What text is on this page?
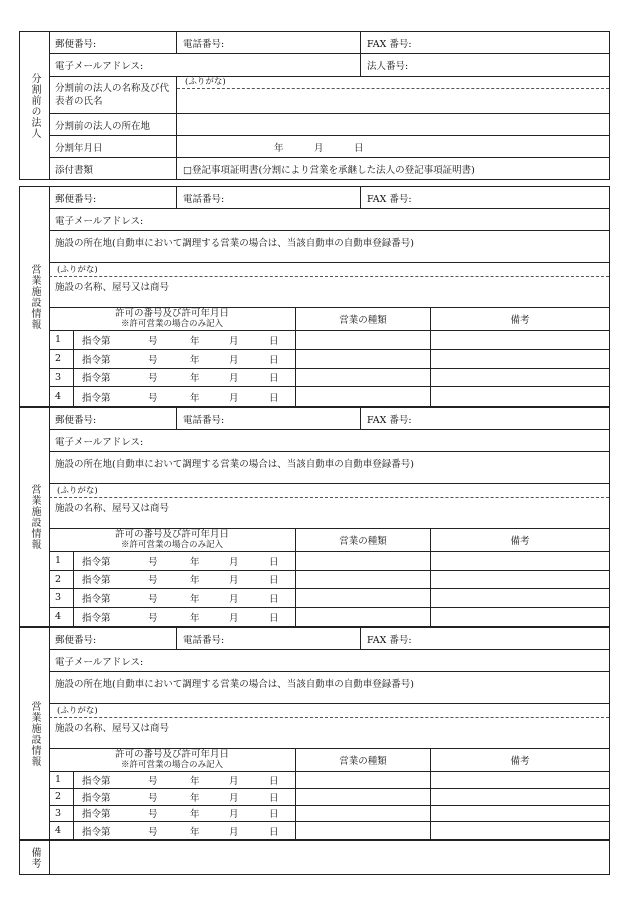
分割前の法人
郵便番号:	電話番号:	FAX 番号:
電子メールアドレス:	法人番号:
分割前の法人の名称及び代表者の氏名
(ふりがな)
分割前の法人の所在地
分割年月日	年	月	日
添付書類	□登記事項証明書(分割により営業を承継した法人の登記事項証明書)
営業施設情報
郵便番号:	電話番号:	FAX 番号:
電子メールアドレス:
施設の所在地(自動車において調理する営業の場合は、当該自動車の自動車登録番号)
(ふりがな)
施設の名称、屋号又は商号
許可の番号及び許可年月日
※許可営業の場合のみ記入	営業の種類	備考
1 指令第	号	年	月	日
2 指令第	号	年	月	日
3 指令第	号	年	月	日
4 指令第	号	年	月	日
営業施設情報
郵便番号:	電話番号:	FAX 番号:
電子メールアドレス:
施設の所在地(自動車において調理する営業の場合は、当該自動車の自動車登録番号)
(ふりがな)
施設の名称、屋号又は商号
許可の番号及び許可年月日
※許可営業の場合のみ記入	営業の種類	備考
1 指令第	号	年	月	日
2 指令第	号	年	月	日
3 指令第	号	年	月	日
4 指令第	号	年	月	日
営業施設情報
郵便番号:	電話番号:	FAX 番号:
電子メールアドレス:
施設の所在地(自動車において調理する営業の場合は、当該自動車の自動車登録番号)
(ふりがな)
施設の名称、屋号又は商号
許可の番号及び許可年月日
※許可営業の場合のみ記入	営業の種類	備考
1 指令第	号	年	月	日
2 指令第	号	年	月	日
3 指令第	号	年	月	日
4 指令第	号	年	月	日
備考
